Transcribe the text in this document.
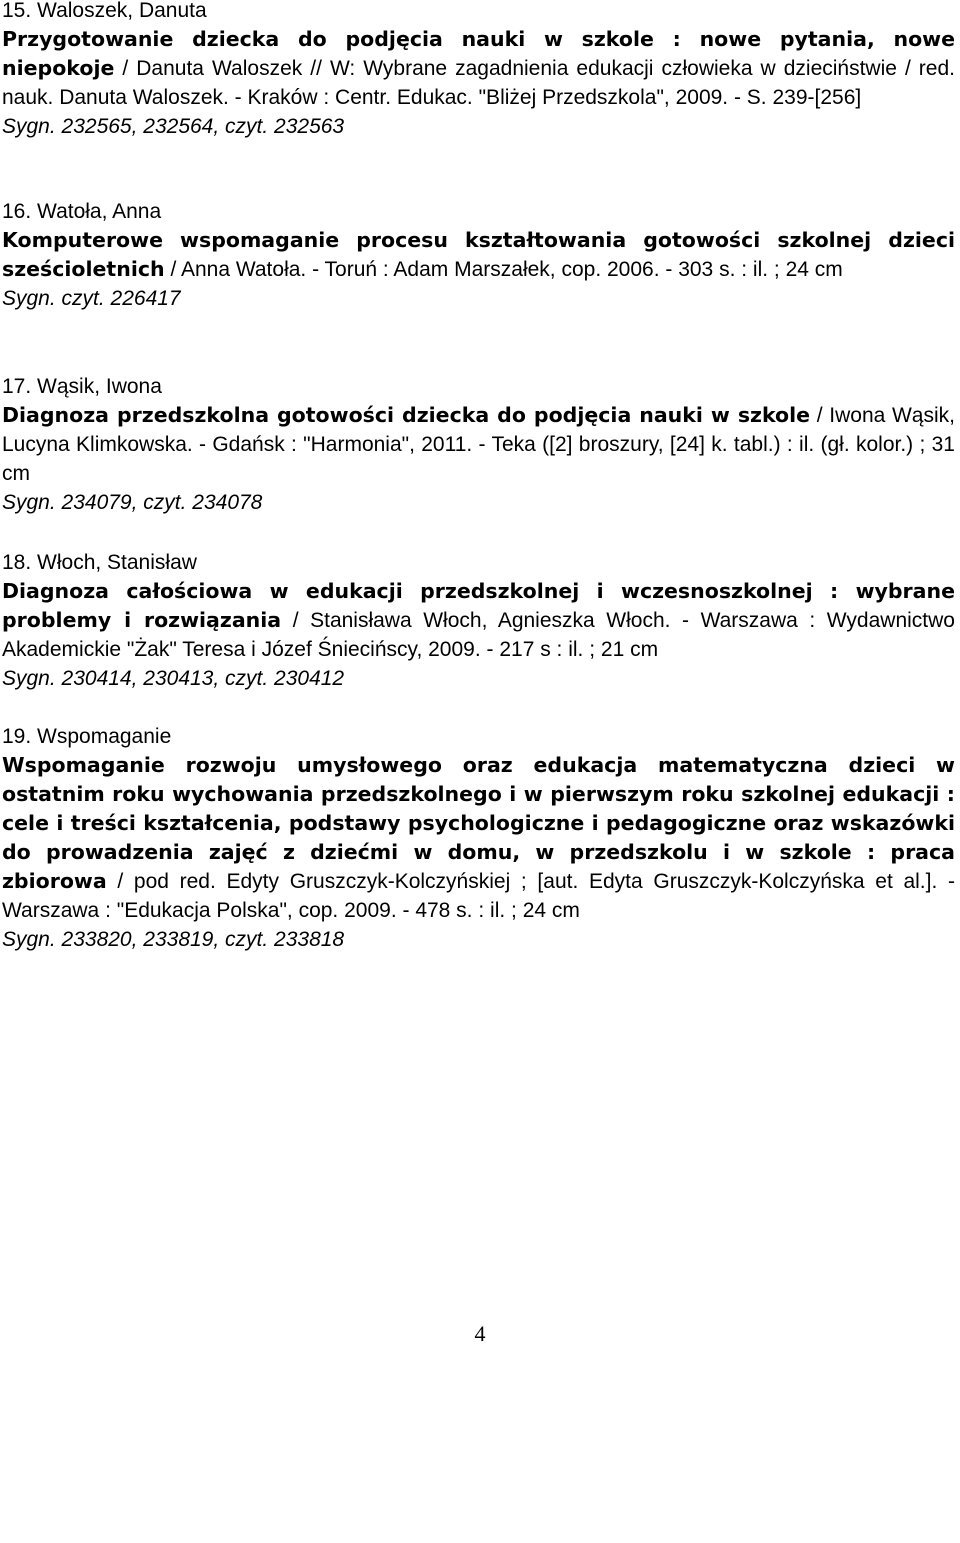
15. Waloszek, Danuta
Przygotowanie dziecka do podjęcia nauki w szkole : nowe pytania, nowe niepokoje / Danuta Waloszek // W: Wybrane zagadnienia edukacji człowieka w dzieciństwie / red. nauk. Danuta Waloszek. - Kraków : Centr. Edukac. "Bliżej Przedszkola", 2009. - S. 239-[256]
Sygn. 232565, 232564, czyt. 232563
16. Watoła, Anna
Komputerowe wspomaganie procesu kształtowania gotowości szkolnej dzieci sześcioletnich / Anna Watoła. - Toruń : Adam Marszałek, cop. 2006. - 303 s. : il. ; 24 cm
Sygn. czyt. 226417
17. Wąsik, Iwona
Diagnoza przedszkolna gotowości dziecka do podjęcia nauki w szkole / Iwona Wąsik, Lucyna Klimkowska. - Gdańsk : "Harmonia", 2011. - Teka ([2] broszury, [24] k. tabl.) : il. (gł. kolor.) ; 31 cm
Sygn. 234079, czyt. 234078
18. Włoch, Stanisław
Diagnoza całościowa w edukacji przedszkolnej i wczesnoszkolnej : wybrane problemy i rozwiązania / Stanisława Włoch, Agnieszka Włoch. - Warszawa : Wydawnictwo Akademickie "Żak" Teresa i Józef Śniecińscy, 2009. - 217 s : il. ; 21 cm
Sygn. 230414, 230413, czyt. 230412
19. Wspomaganie
Wspomaganie rozwoju umysłowego oraz edukacja matematyczna dzieci w ostatnim roku wychowania przedszkolnego i w pierwszym roku szkolnej edukacji : cele i treści kształcenia, podstawy psychologiczne i pedagogiczne oraz wskazówki do prowadzenia zajęć z dziećmi w domu, w przedszkolu i w szkole : praca zbiorowa / pod red. Edyty Gruszczyk-Kolczyńskiej ; [aut. Edyta Gruszczyk-Kolczyńska et al.]. - Warszawa : "Edukacja Polska", cop. 2009. - 478 s. : il. ; 24 cm
Sygn. 233820, 233819, czyt. 233818
4
